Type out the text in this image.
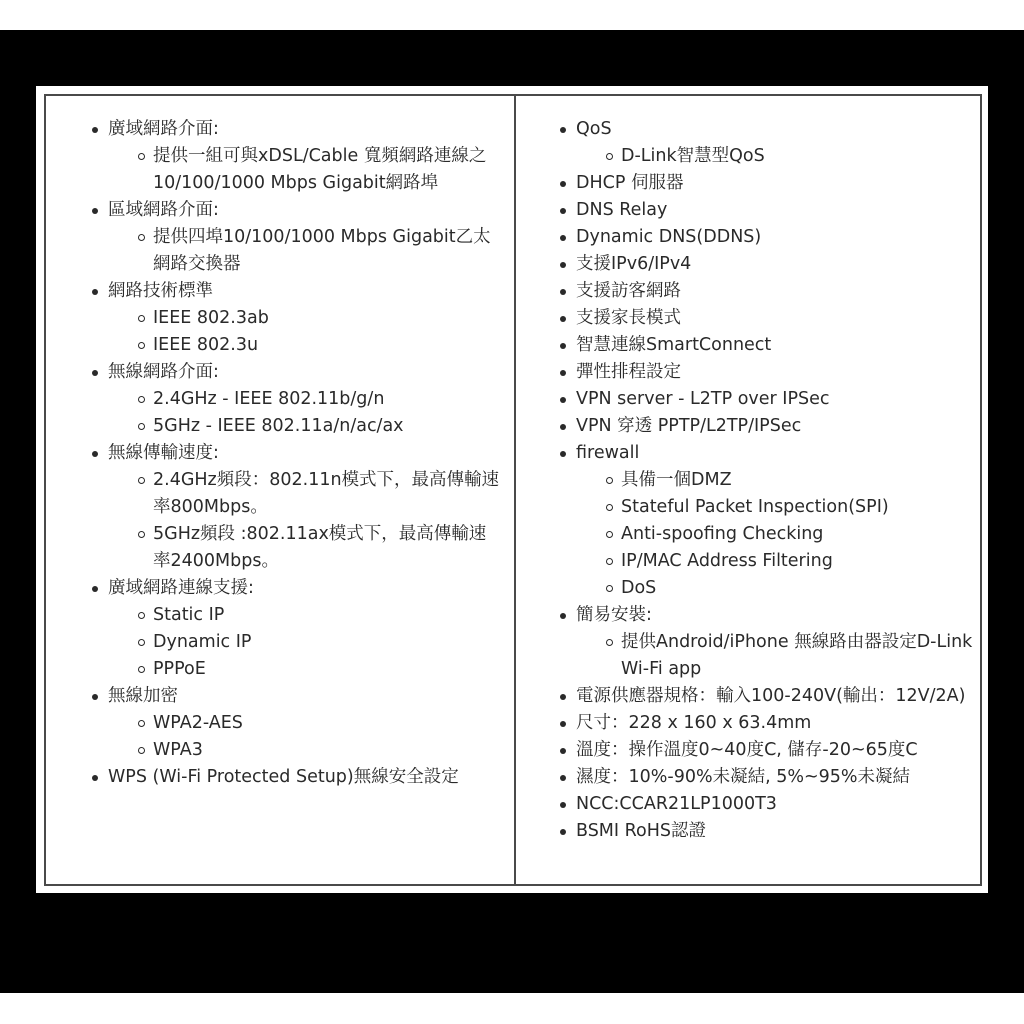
廣域網路介面:
提供一組可與xDSL/Cable 寬頻網路連線之10/100/1000 Mbps Gigabit網路埠
區域網路介面:
提供四埠10/100/1000 Mbps Gigabit乙太網路交換器
網路技術標準
IEEE 802.3ab
IEEE 802.3u
無線網路介面:
2.4GHz - IEEE 802.11b/g/n
5GHz - IEEE 802.11a/n/ac/ax
無線傳輸速度:
2.4GHz頻段：802.11n模式下，最高傳輸速率800Mbps。
5GHz頻段 :802.11ax模式下，最高傳輸速率2400Mbps。
廣域網路連線支援:
Static IP
Dynamic IP
PPPoE
無線加密
WPA2-AES
WPA3
WPS (Wi-Fi Protected Setup)無線安全設定
QoS
D-Link智慧型QoS
DHCP 伺服器
DNS Relay
Dynamic DNS(DDNS)
支援IPv6/IPv4
支援訪客網路
支援家長模式
智慧連線SmartConnect
彈性排程設定
VPN server - L2TP over IPSec
VPN 穿透 PPTP/L2TP/IPSec
firewall
具備一個DMZ
Stateful Packet Inspection(SPI)
Anti-spoofing Checking
IP/MAC Address Filtering
DoS
簡易安裝:
提供Android/iPhone 無線路由器設定D-Link Wi-Fi app
電源供應器規格：輸入100-240V(輸出：12V/2A)
尺寸：228 x 160 x 63.4mm
溫度：操作溫度0~40度C, 儲存-20~65度C
濕度：10%-90%未凝結, 5%~95%未凝結
NCC:CCAR21LP1000T3
BSMI RoHS認證
